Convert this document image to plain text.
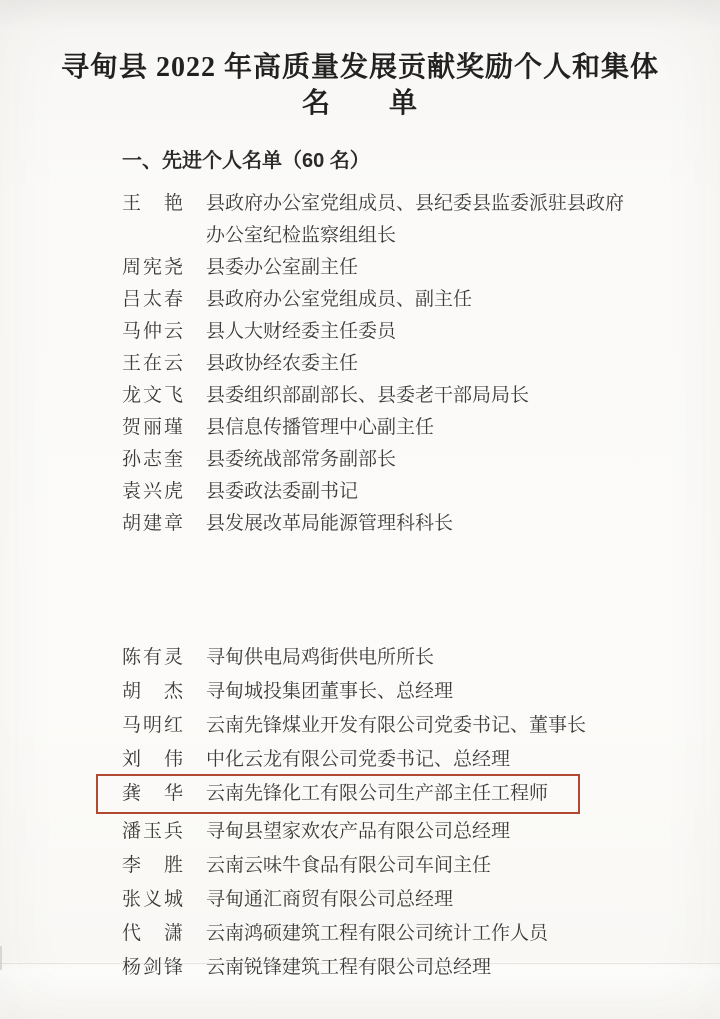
寻甸县 2022 年高质量发展贡献奖励个人和集体
名　　单
一、先进个人名单（60 名）
王　艳	县政府办公室党组成员、县纪委县监委派驻县政府办公室纪检监察组组长
周宪尧	县委办公室副主任
吕太春	县政府办公室党组成员、副主任
马仲云	县人大财经委主任委员
王在云	县政协经农委主任
龙文飞	县委组织部副部长、县委老干部局局长
贺丽瑾	县信息传播管理中心副主任
孙志奎	县委统战部常务副部长
袁兴虎	县委政法委副书记
胡建章	县发展改革局能源管理科科长
陈有灵	寻甸供电局鸡街供电所所长
胡　杰	寻甸城投集团董事长、总经理
马明红	云南先锋煤业开发有限公司党委书记、董事长
刘　伟	中化云龙有限公司党委书记、总经理
龚　华	云南先锋化工有限公司生产部主任工程师
潘玉兵	寻甸县望家欢农产品有限公司总经理
李　胜	云南云味牛食品有限公司车间主任
张义城	寻甸通汇商贸有限公司总经理
代　潇	云南鸿硕建筑工程有限公司统计工作人员
杨剑锋	云南锐锋建筑工程有限公司总经理
